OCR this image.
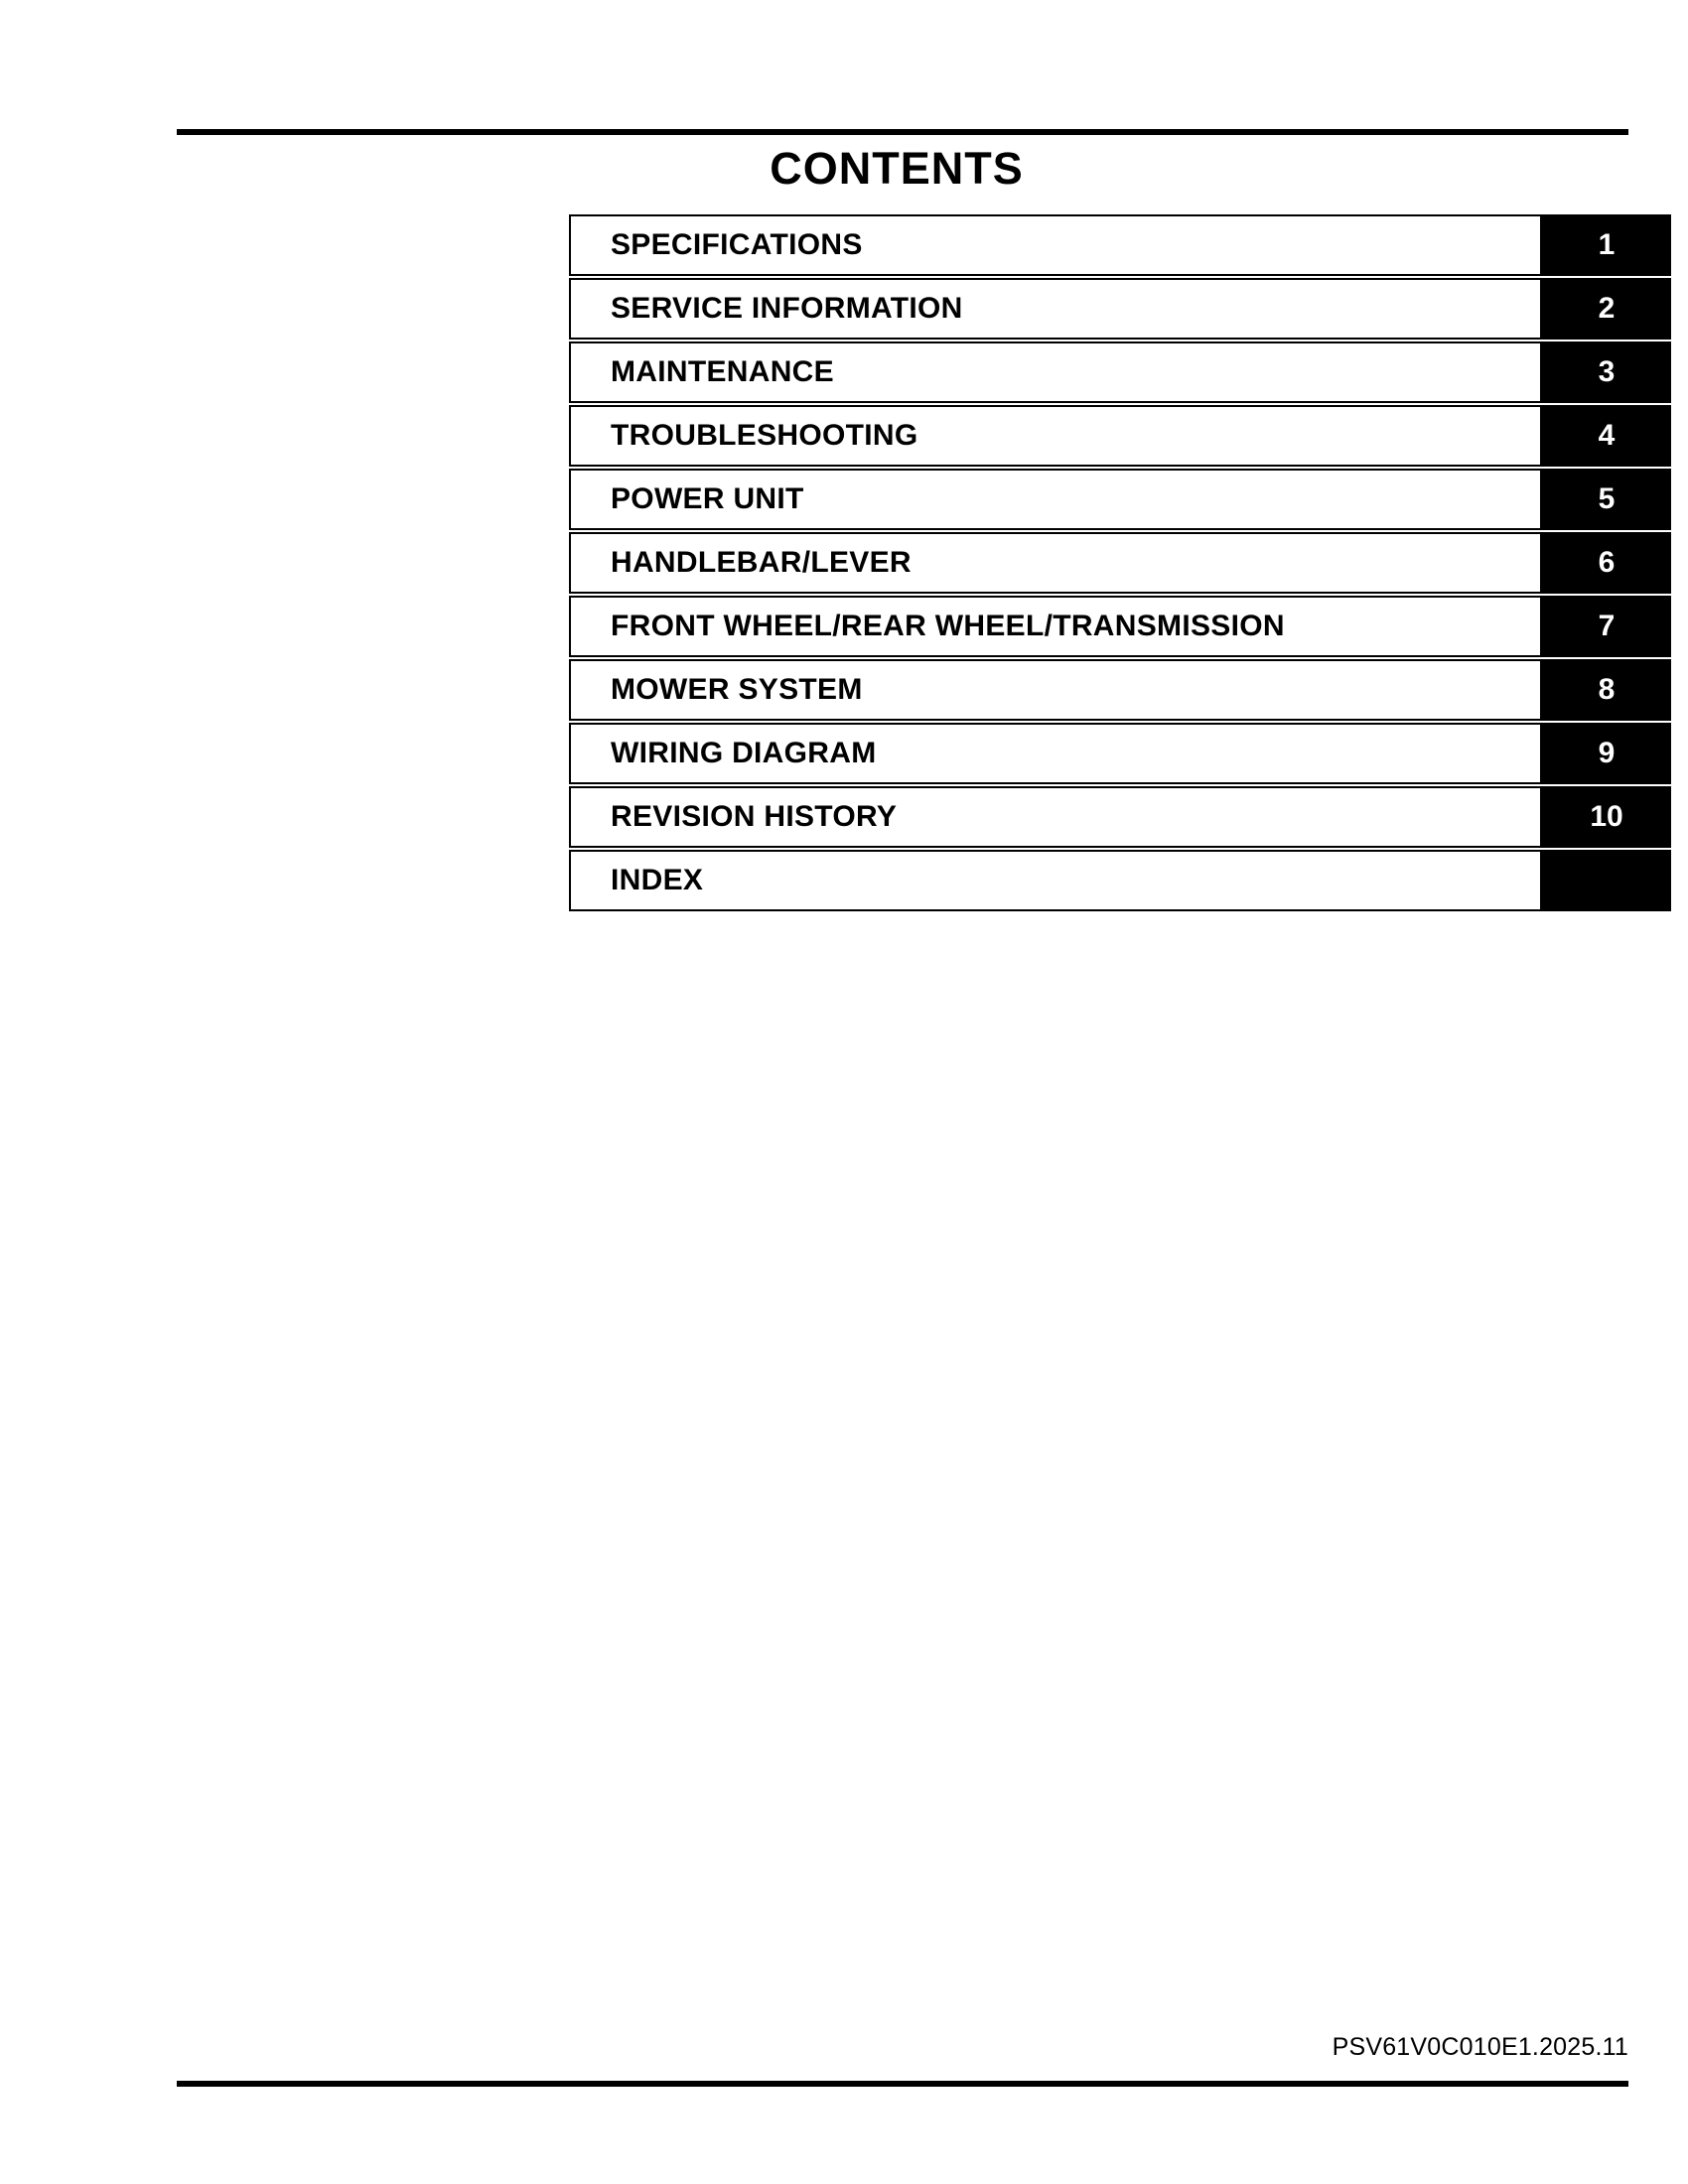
CONTENTS
SPECIFICATIONS	1
SERVICE INFORMATION	2
MAINTENANCE	3
TROUBLESHOOTING	4
POWER UNIT	5
HANDLEBAR/LEVER	6
FRONT WHEEL/REAR WHEEL/TRANSMISSION	7
MOWER SYSTEM	8
WIRING DIAGRAM	9
REVISION HISTORY	10
INDEX
PSV61V0C010E1.2025.11
